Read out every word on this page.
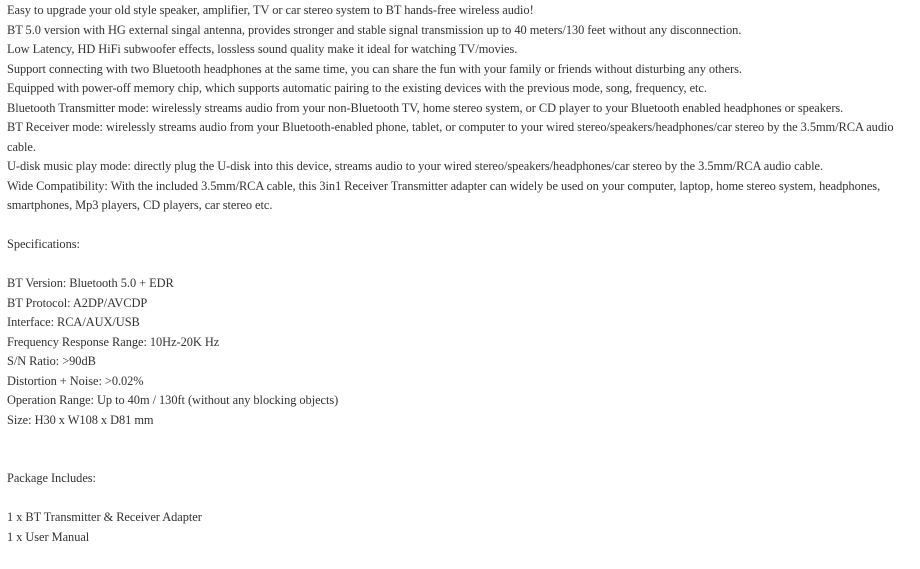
Easy to upgrade your old style speaker, amplifier, TV or car stereo system to BT hands-free wireless audio!

BT 5.0 version with HG external singal antenna, provides stronger and stable signal transmission up to 40 meters/130 feet without any disconnection.

Low Latency, HD HiFi subwoofer effects, lossless sound quality make it ideal for watching TV/movies.

Support connecting with two Bluetooth headphones at the same time, you can share the fun with your family or friends without disturbing any others.

Equipped with power-off memory chip, which supports automatic pairing to the existing devices with the previous mode, song, frequency, etc.

Bluetooth Transmitter mode: wirelessly streams audio from your non-Bluetooth TV, home stereo system, or CD player to your Bluetooth enabled headphones or speakers.

BT Receiver mode: wirelessly streams audio from your Bluetooth-enabled phone, tablet, or computer to your wired stereo/speakers/headphones/car stereo by the 3.5mm/RCA audio cable.

U-disk music play mode: directly plug the U-disk into this device, streams audio to your wired stereo/speakers/headphones/car stereo by the 3.5mm/RCA audio cable.

Wide Compatibility: With the included 3.5mm/RCA cable, this 3in1 Receiver Transmitter adapter can widely be used on your computer, laptop, home stereo system, headphones, smartphones, Mp3 players, CD players, car stereo etc.

Specifications:

BT Version: Bluetooth 5.0 + EDR

BT Protocol: A2DP/AVCDP

Interface: RCA/AUX/USB

Frequency Response Range: 10Hz-20K Hz

S/N Ratio: >90dB

Distortion + Noise: >0.02%

Operation Range: Up to 40m / 130ft (without any blocking objects)

Size: H30 x W108 x D81 mm

Package Includes:

1 x BT Transmitter & Receiver Adapter

1 x User Manual
